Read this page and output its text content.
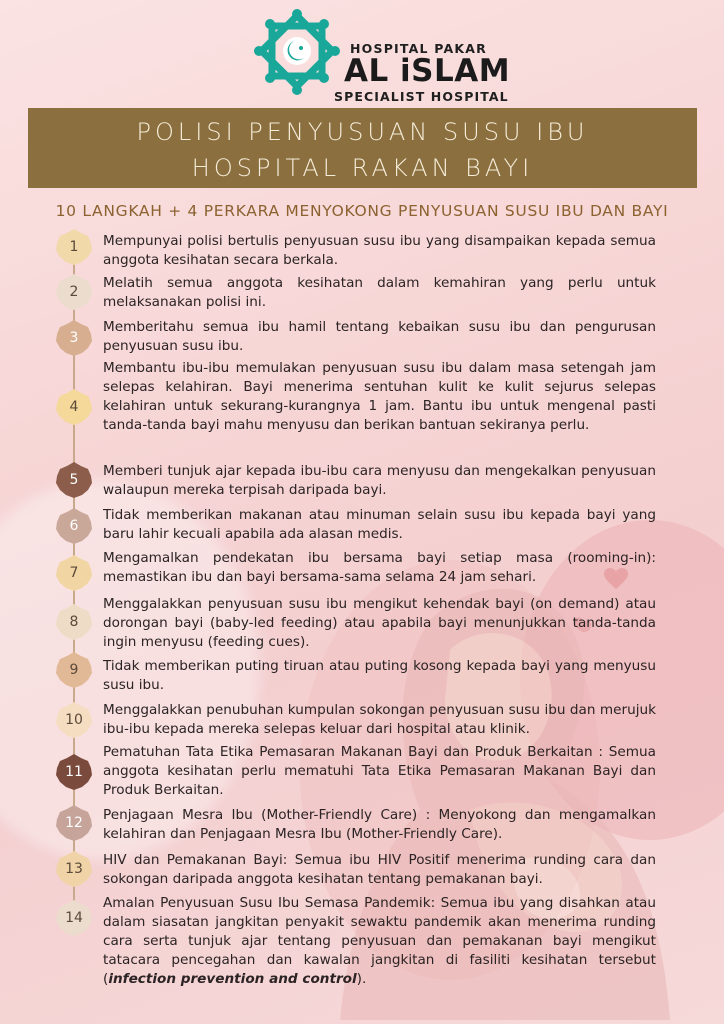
HOSPITAL PAKAR
AL iSLAM
SPECIALIST HOSPITAL
POLISI PENYUSUAN SUSU IBU
HOSPITAL RAKAN BAYI
10 LANGKAH + 4 PERKARA MENYOKONG PENYUSUAN SUSU IBU DAN BAYI
1	Mempunyai polisi bertulis penyusuan susu ibu yang disampaikan kepada semua anggota kesihatan secara berkala.
2
Melatih semua anggota kesihatan dalam kemahiran yang perlu untuk melaksanakan polisi ini.
3
Memberitahu semua ibu hamil tentang kebaikan susu ibu dan pengurusan penyusuan susu ibu.
4
Membantu ibu-ibu memulakan penyusuan susu ibu dalam masa setengah jam selepas kelahiran. Bayi menerima sentuhan kulit ke kulit sejurus selepas kelahiran untuk sekurang-kurangnya 1 jam. Bantu ibu untuk mengenal pasti tanda-tanda bayi mahu menyusu dan berikan bantuan sekiranya perlu.
5
Memberi tunjuk ajar kepada ibu-ibu cara menyusu dan mengekalkan penyusuan walaupun mereka terpisah daripada bayi.
6
Tidak memberikan makanan atau minuman selain susu ibu kepada bayi yang baru lahir kecuali apabila ada alasan medis.
7
Mengamalkan pendekatan ibu bersama bayi setiap masa (rooming-in): memastikan ibu dan bayi bersama-sama selama 24 jam sehari.
8
Menggalakkan penyusuan susu ibu mengikut kehendak bayi (on demand) atau dorongan bayi (baby-led feeding) atau apabila bayi menunjukkan tanda-tanda ingin menyusu (feeding cues).
9	Tidak memberikan puting tiruan atau puting kosong kepada bayi yang menyusu susu ibu.
10
Menggalakkan penubuhan kumpulan sokongan penyusuan susu ibu dan merujuk ibu-ibu kepada mereka selepas keluar dari hospital atau klinik.
11
Pematuhan Tata Etika Pemasaran Makanan Bayi dan Produk Berkaitan : Semua anggota kesihatan perlu mematuhi Tata Etika Pemasaran Makanan Bayi dan Produk Berkaitan.
12	Penjagaan Mesra Ibu (Mother-Friendly Care) : Menyokong dan mengamalkan kelahiran dan Penjagaan Mesra Ibu (Mother-Friendly Care).
13
HIV dan Pemakanan Bayi: Semua ibu HIV Positif menerima runding cara dan sokongan daripada anggota kesihatan tentang pemakanan bayi.
14
Amalan Penyusuan Susu Ibu Semasa Pandemik: Semua ibu yang disahkan atau dalam siasatan jangkitan penyakit sewaktu pandemik akan menerima runding cara serta tunjuk ajar tentang penyusuan dan pemakanan bayi mengikut tatacara pencegahan dan kawalan jangkitan di fasiliti kesihatan tersebut (infection prevention and control).
